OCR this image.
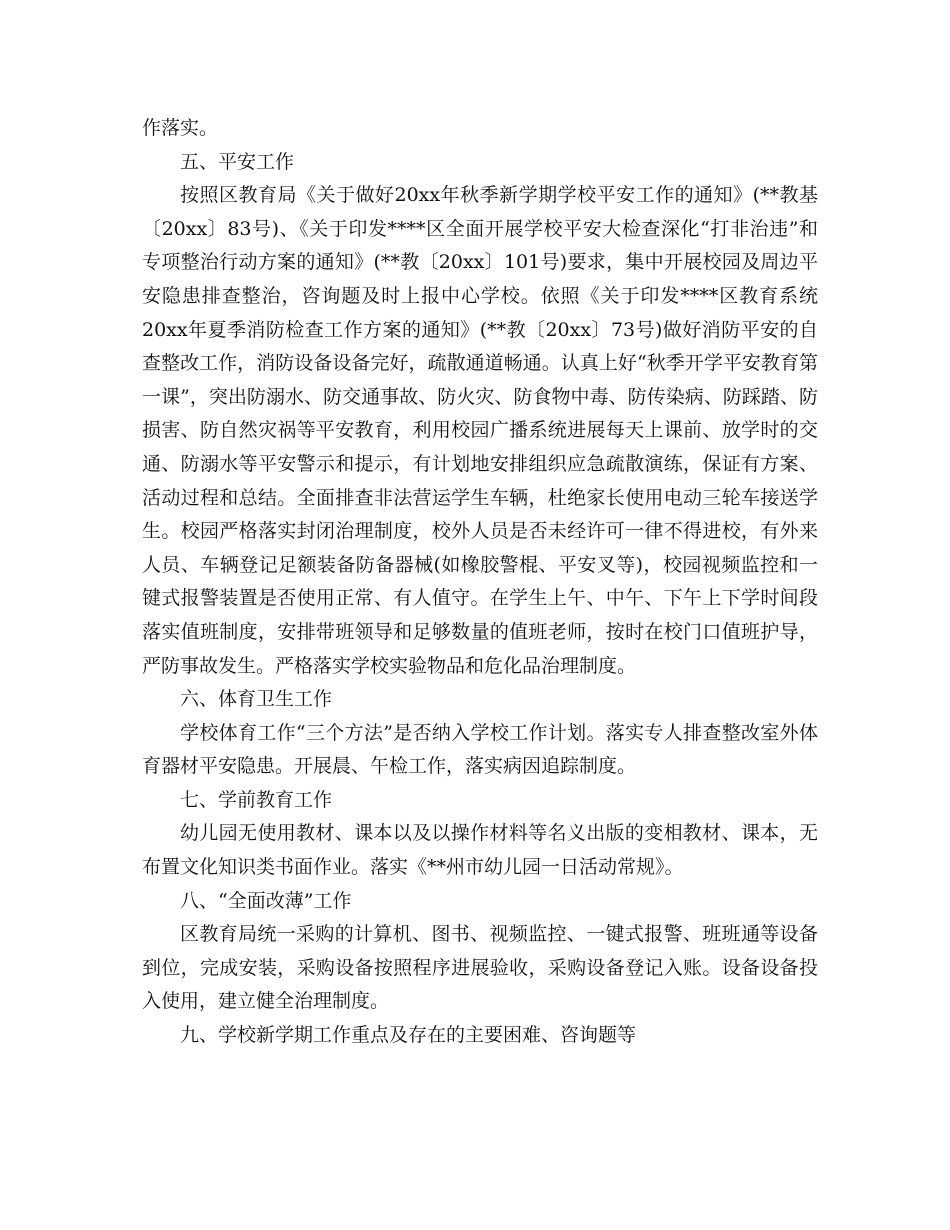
作落实。

五、平安工作

按照区教育局《关于做好20xx年秋季新学期学校平安工作的通知》(**教基〔20xx〕83号)、《关于印发****区全面开展学校平安大检查深化“打非治违”和专项整治行动方案的通知》(**教〔20xx〕101号)要求，集中开展校园及周边平安隐患排查整治，咨询题及时上报中心学校。依照《关于印发****区教育系统20xx年夏季消防检查工作方案的通知》(**教〔20xx〕73号)做好消防平安的自查整改工作，消防设备设备完好，疏散通道畅通。认真上好“秋季开学平安教育第一课”，突出防溺水、防交通事故、防火灾、防食物中毒、防传染病、防踩踏、防损害、防自然灾祸等平安教育，利用校园广播系统进展每天上课前、放学时的交通、防溺水等平安警示和提示，有计划地安排组织应急疏散演练，保证有方案、活动过程和总结。全面排查非法营运学生车辆，杜绝家长使用电动三轮车接送学生。校园严格落实封闭治理制度，校外人员是否未经许可一律不得进校，有外来人员、车辆登记足额装备防备器械(如橡胶警棍、平安叉等)，校园视频监控和一键式报警装置是否使用正常、有人值守。在学生上午、中午、下午上下学时间段落实值班制度，安排带班领导和足够数量的值班老师，按时在校门口值班护导，严防事故发生。严格落实学校实验物品和危化品治理制度。

六、体育卫生工作

学校体育工作“三个方法”是否纳入学校工作计划。落实专人排查整改室外体育器材平安隐患。开展晨、午检工作，落实病因追踪制度。

七、学前教育工作

幼儿园无使用教材、课本以及以操作材料等名义出版的变相教材、课本，无布置文化知识类书面作业。落实《**州市幼儿园一日活动常规》。

八、“全面改薄”工作

区教育局统一采购的计算机、图书、视频监控、一键式报警、班班通等设备到位，完成安装，采购设备按照程序进展验收，采购设备登记入账。设备设备投入使用，建立健全治理制度。

九、学校新学期工作重点及存在的主要困难、咨询题等
